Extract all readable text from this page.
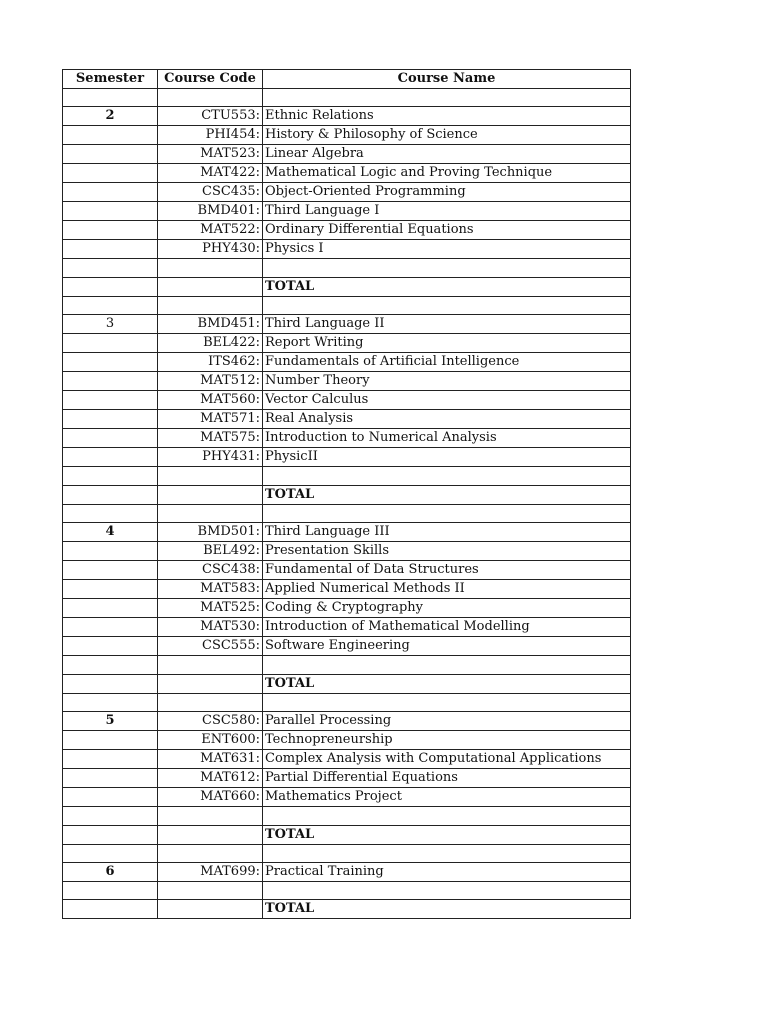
Semester	Course Code	Course Name

2	CTU553:	Ethnic Relations
	PHI454:	History & Philosophy of Science
	MAT523:	Linear Algebra
	MAT422:	Mathematical Logic and Proving Technique
	CSC435:	Object-Oriented Programming
	BMD401:	Third Language I
	MAT522:	Ordinary Differential Equations
	PHY430:	Physics I

		TOTAL

3	BMD451:	Third Language II
	BEL422:	Report Writing
	ITS462:	Fundamentals of Artificial Intelligence
	MAT512:	Number Theory
	MAT560:	Vector Calculus
	MAT571:	Real Analysis
	MAT575:	Introduction to Numerical Analysis
	PHY431:	PhysicII

		TOTAL

4	BMD501:	Third Language III
	BEL492:	Presentation Skills
	CSC438:	Fundamental of Data Structures
	MAT583:	Applied Numerical Methods II
	MAT525:	Coding & Cryptography
	MAT530:	Introduction of Mathematical Modelling
	CSC555:	Software Engineering

		TOTAL

5	CSC580:	Parallel Processing
	ENT600:	Technopreneurship
	MAT631:	Complex Analysis with Computational Applications
	MAT612:	Partial Differential Equations
	MAT660:	Mathematics Project

		TOTAL

6	MAT699:	Practical Training

		TOTAL
